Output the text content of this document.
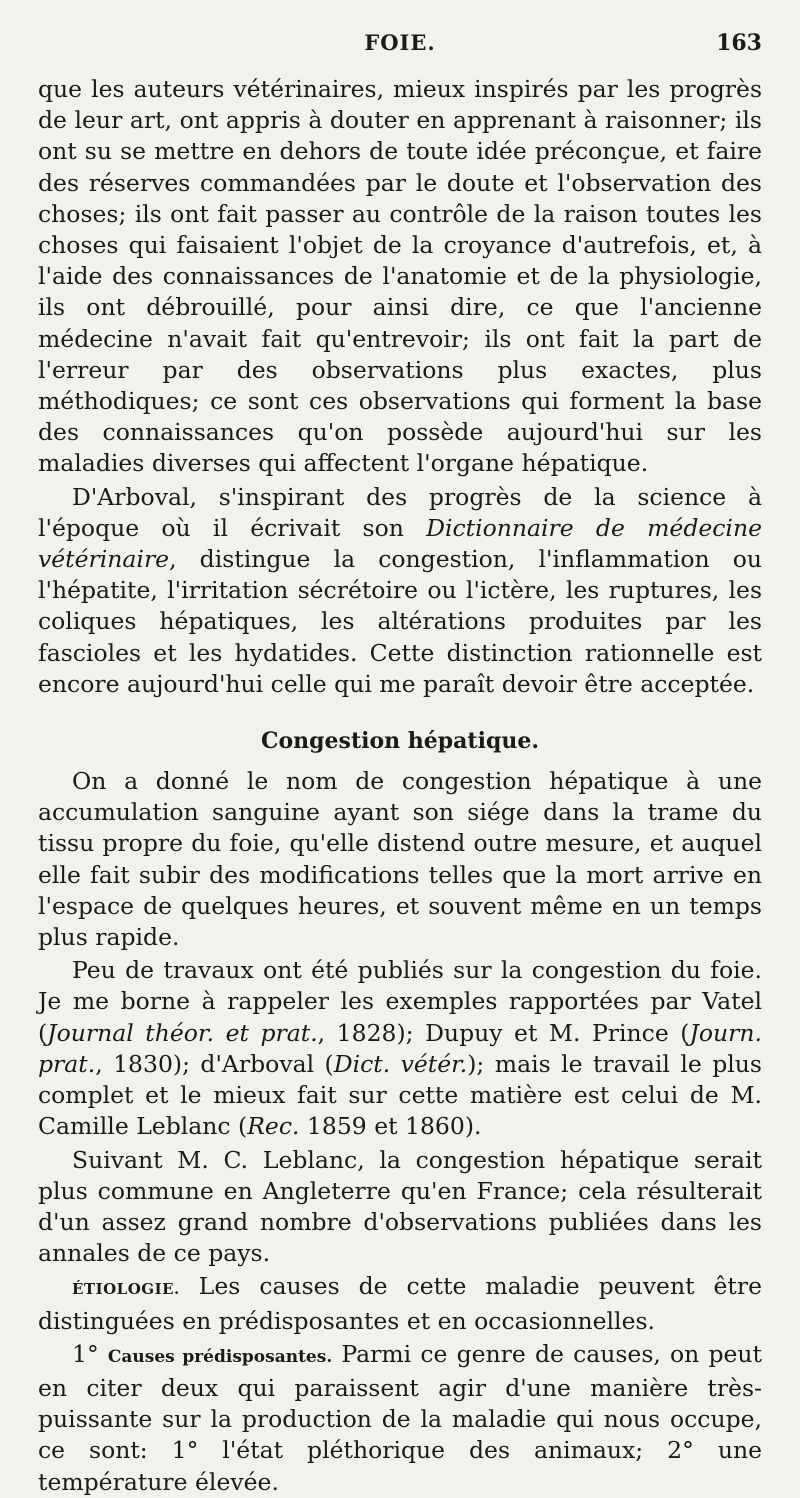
FOIE.	163

que les auteurs vétérinaires, mieux inspirés par les progrès de leur art, ont appris à douter en apprenant à raisonner; ils ont su se mettre en dehors de toute idée préconçue, et faire des réserves commandées par le doute et l'observation des choses; ils ont fait passer au contrôle de la raison toutes les choses qui faisaient l'objet de la croyance d'autrefois, et, à l'aide des connaissances de l'anatomie et de la physiologie, ils ont débrouillé, pour ainsi dire, ce que l'ancienne médecine n'avait fait qu'entrevoir; ils ont fait la part de l'erreur par des observations plus exactes, plus méthodiques; ce sont ces observations qui forment la base des connaissances qu'on possède aujourd'hui sur les maladies diverses qui affectent l'organe hépatique.

D'Arboval, s'inspirant des progrès de la science à l'époque où il écrivait son Dictionnaire de médecine vétérinaire, distingue la congestion, l'inflammation ou l'hépatite, l'irritation sécrétoire ou l'ictère, les ruptures, les coliques hépatiques, les altérations produites par les fascioles et les hydatides. Cette distinction rationnelle est encore aujourd'hui celle qui me paraît devoir être acceptée.

Congestion hépatique.

On a donné le nom de congestion hépatique à une accumulation sanguine ayant son siége dans la trame du tissu propre du foie, qu'elle distend outre mesure, et auquel elle fait subir des modifications telles que la mort arrive en l'espace de quelques heures, et souvent même en un temps plus rapide.

Peu de travaux ont été publiés sur la congestion du foie. Je me borne à rappeler les exemples rapportées par Vatel (Journal théor. et prat., 1828); Dupuy et M. Prince (Journ. prat., 1830); d'Arboval (Dict. vétér.); mais le travail le plus complet et le mieux fait sur cette matière est celui de M. Camille Leblanc (Rec. 1859 et 1860).

Suivant M. C. Leblanc, la congestion hépatique serait plus commune en Angleterre qu'en France; cela résulterait d'un assez grand nombre d'observations publiées dans les annales de ce pays.

ÉTIOLOGIE. Les causes de cette maladie peuvent être distinguées en prédisposantes et en occasionnelles.

1° Causes prédisposantes. Parmi ce genre de causes, on peut en citer deux qui paraissent agir d'une manière très-puissante sur la production de la maladie qui nous occupe, ce sont: 1° l'état pléthorique des animaux; 2° une température élevée.
